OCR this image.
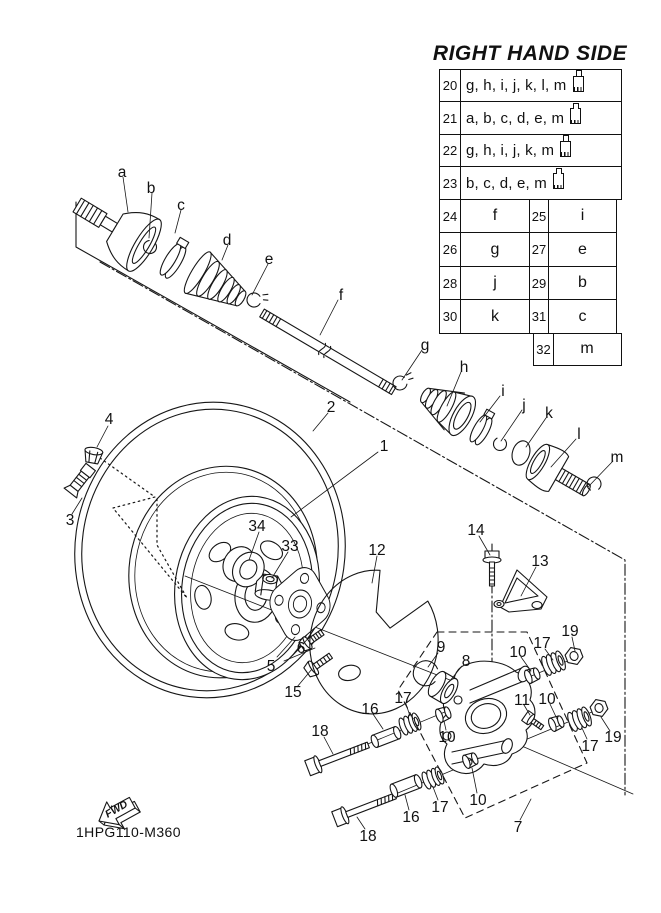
FWD
a
b
c
d
e
f
g
h
i
j k
l
m
1
2
3
4
5
6
7
8
9	10
10
10
10
11
12
13
14
15
16
16
17
17
17
17
18
18
19
19
33
34
RIGHT HAND SIDE
20 g, h, i, j, k, l, m
21 a, b, c, d, e, m
22 g, h, i, j, k, m
23 b, c, d, e, m
24	f	25	i
26	g	27	e
28	j	29	b
30	k	31	c
32	m
1HPG110-M360
